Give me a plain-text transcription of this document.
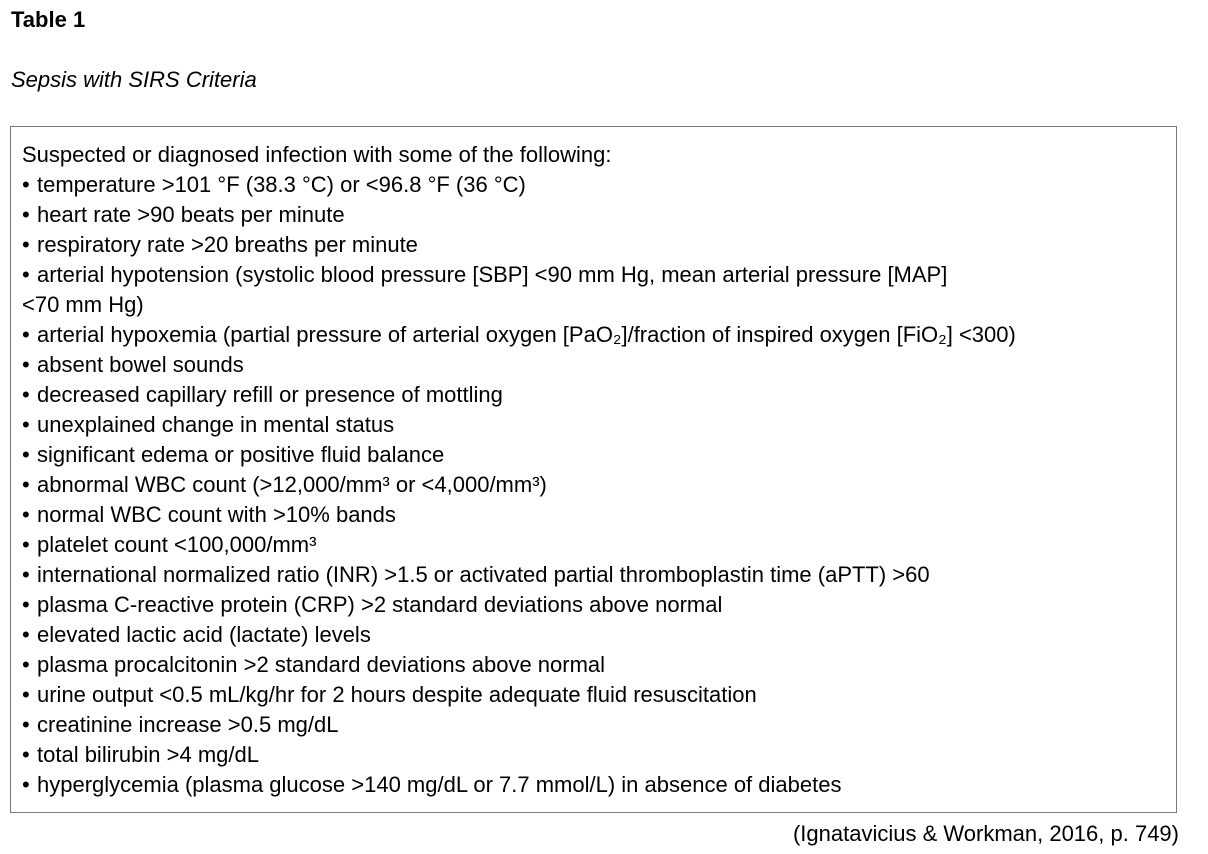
Table 1
Sepsis with SIRS Criteria
Suspected or diagnosed infection with some of the following:
• temperature >101 °F (38.3 °C) or <96.8 °F (36 °C)
• heart rate >90 beats per minute
• respiratory rate >20 breaths per minute
• arterial hypotension (systolic blood pressure [SBP] <90 mm Hg, mean arterial pressure [MAP]
<70 mm Hg)
• arterial hypoxemia (partial pressure of arterial oxygen [PaO₂]/fraction of inspired oxygen [FiO₂] <300)
• absent bowel sounds
• decreased capillary refill or presence of mottling
• unexplained change in mental status
• significant edema or positive fluid balance
• abnormal WBC count (>12,000/mm³ or <4,000/mm³)
• normal WBC count with >10% bands
• platelet count <100,000/mm³
• international normalized ratio (INR) >1.5 or activated partial thromboplastin time (aPTT) >60
• plasma C-reactive protein (CRP) >2 standard deviations above normal
• elevated lactic acid (lactate) levels
• plasma procalcitonin >2 standard deviations above normal
• urine output <0.5 mL/kg/hr for 2 hours despite adequate fluid resuscitation
• creatinine increase >0.5 mg/dL
• total bilirubin >4 mg/dL
• hyperglycemia (plasma glucose >140 mg/dL or 7.7 mmol/L) in absence of diabetes
(Ignatavicius & Workman, 2016, p. 749)
